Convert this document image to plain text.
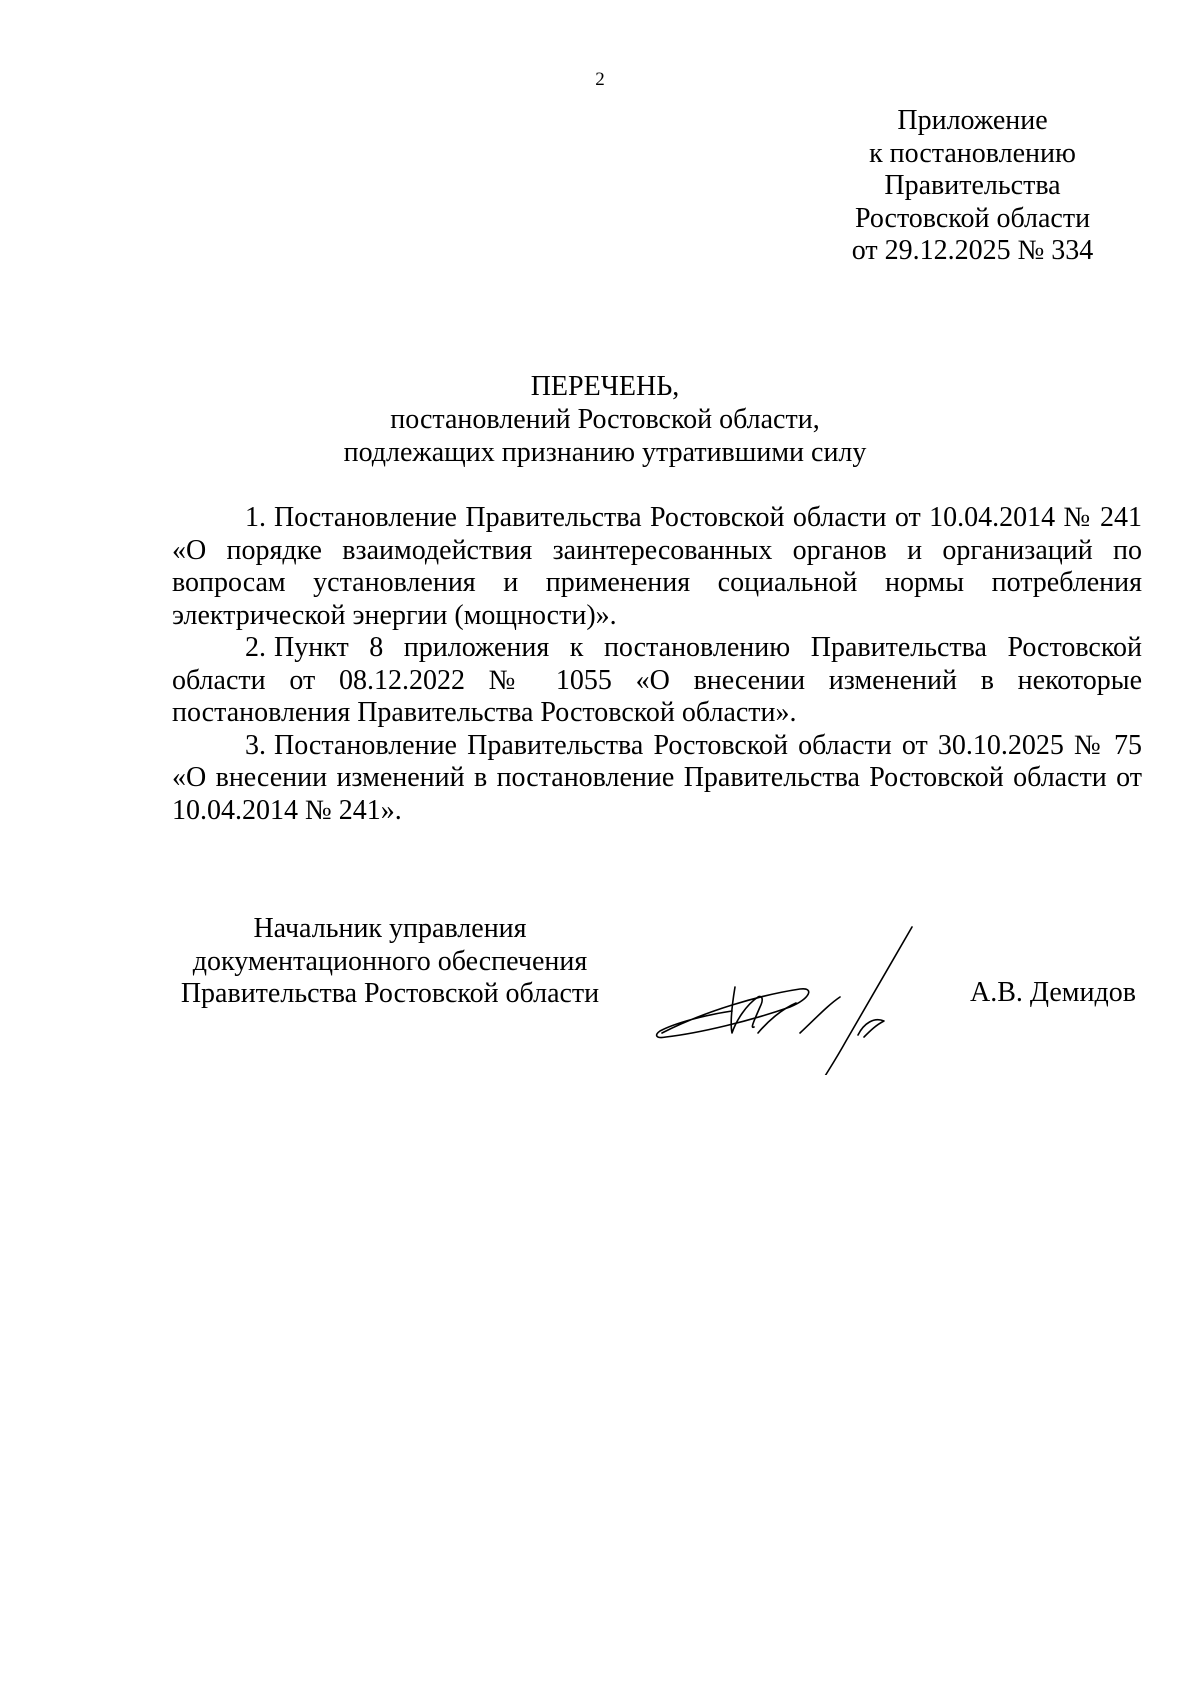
2
Приложение
к постановлению
Правительства
Ростовской области
от 29.12.2025 № 334
ПЕРЕЧЕНЬ,
постановлений Ростовской области,
подлежащих признанию утратившими силу

1. Постановление Правительства Ростовской области от 10.04.2014 № 241 «О порядке взаимодействия заинтересованных органов и организаций по вопросам установления и применения социальной нормы потребления электрической энергии (мощности)».

2. Пункт 8 приложения к постановлению Правительства Ростовской области от 08.12.2022 № 1055 «О внесении изменений в некоторые постановления Правительства Ростовской области».

3. Постановление Правительства Ростовской области от 30.10.2025 № 75 «О внесении изменений в постановление Правительства Ростовской области от 10.04.2014 № 241».

Начальник управления
документационного обеспечения
Правительства Ростовской области	А.В. Демидов
